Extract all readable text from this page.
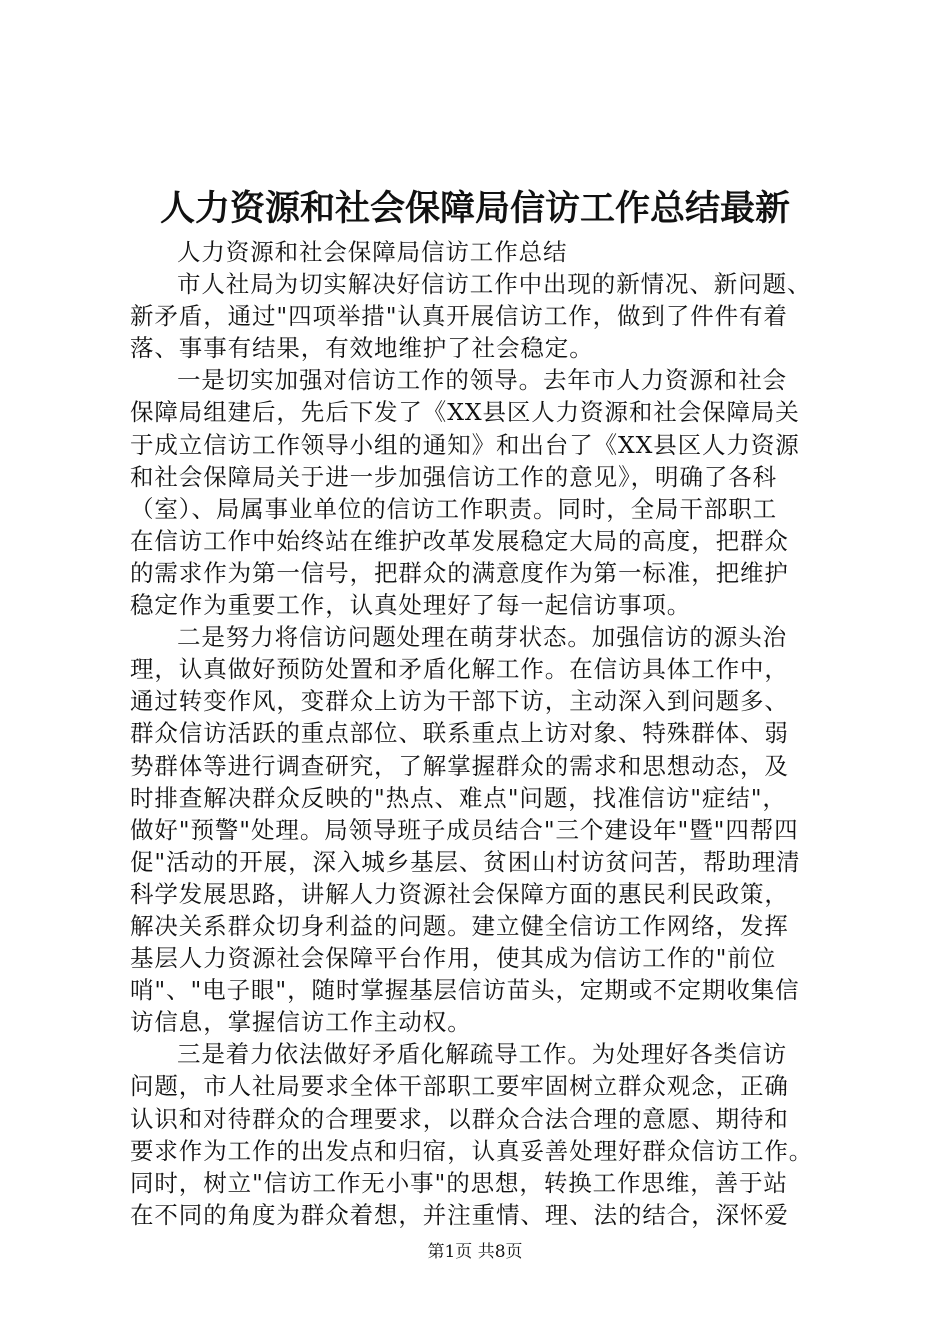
人力资源和社会保障局信访工作总结最新
人力资源和社会保障局信访工作总结
市人社局为切实解决好信访工作中出现的新情况、新问题、
新矛盾，通过"四项举措"认真开展信访工作，做到了件件有着
落、事事有结果，有效地维护了社会稳定。
一是切实加强对信访工作的领导。去年市人力资源和社会
保障局组建后，先后下发了《XX县区人力资源和社会保障局关
于成立信访工作领导小组的通知》和出台了《XX县区人力资源
和社会保障局关于进一步加强信访工作的意见》，明确了各科
（室）、局属事业单位的信访工作职责。同时，全局干部职工
在信访工作中始终站在维护改革发展稳定大局的高度，把群众
的需求作为第一信号，把群众的满意度作为第一标准，把维护
稳定作为重要工作，认真处理好了每一起信访事项。
二是努力将信访问题处理在萌芽状态。加强信访的源头治
理，认真做好预防处置和矛盾化解工作。在信访具体工作中，
通过转变作风，变群众上访为干部下访，主动深入到问题多、
群众信访活跃的重点部位、联系重点上访对象、特殊群体、弱
势群体等进行调查研究，了解掌握群众的需求和思想动态，及
时排查解决群众反映的"热点、难点"问题，找准信访"症结"，
做好"预警"处理。局领导班子成员结合"三个建设年"暨"四帮四
促"活动的开展，深入城乡基层、贫困山村访贫问苦，帮助理清
科学发展思路，讲解人力资源社会保障方面的惠民利民政策，
解决关系群众切身利益的问题。建立健全信访工作网络，发挥
基层人力资源社会保障平台作用，使其成为信访工作的"前位
哨"、"电子眼"，随时掌握基层信访苗头，定期或不定期收集信
访信息，掌握信访工作主动权。
三是着力依法做好矛盾化解疏导工作。为处理好各类信访
问题，市人社局要求全体干部职工要牢固树立群众观念，正确
认识和对待群众的合理要求，以群众合法合理的意愿、期待和
要求作为工作的出发点和归宿，认真妥善处理好群众信访工作。
同时，树立"信访工作无小事"的思想，转换工作思维，善于站
在不同的角度为群众着想，并注重情、理、法的结合，深怀爱
第1页 共8页
